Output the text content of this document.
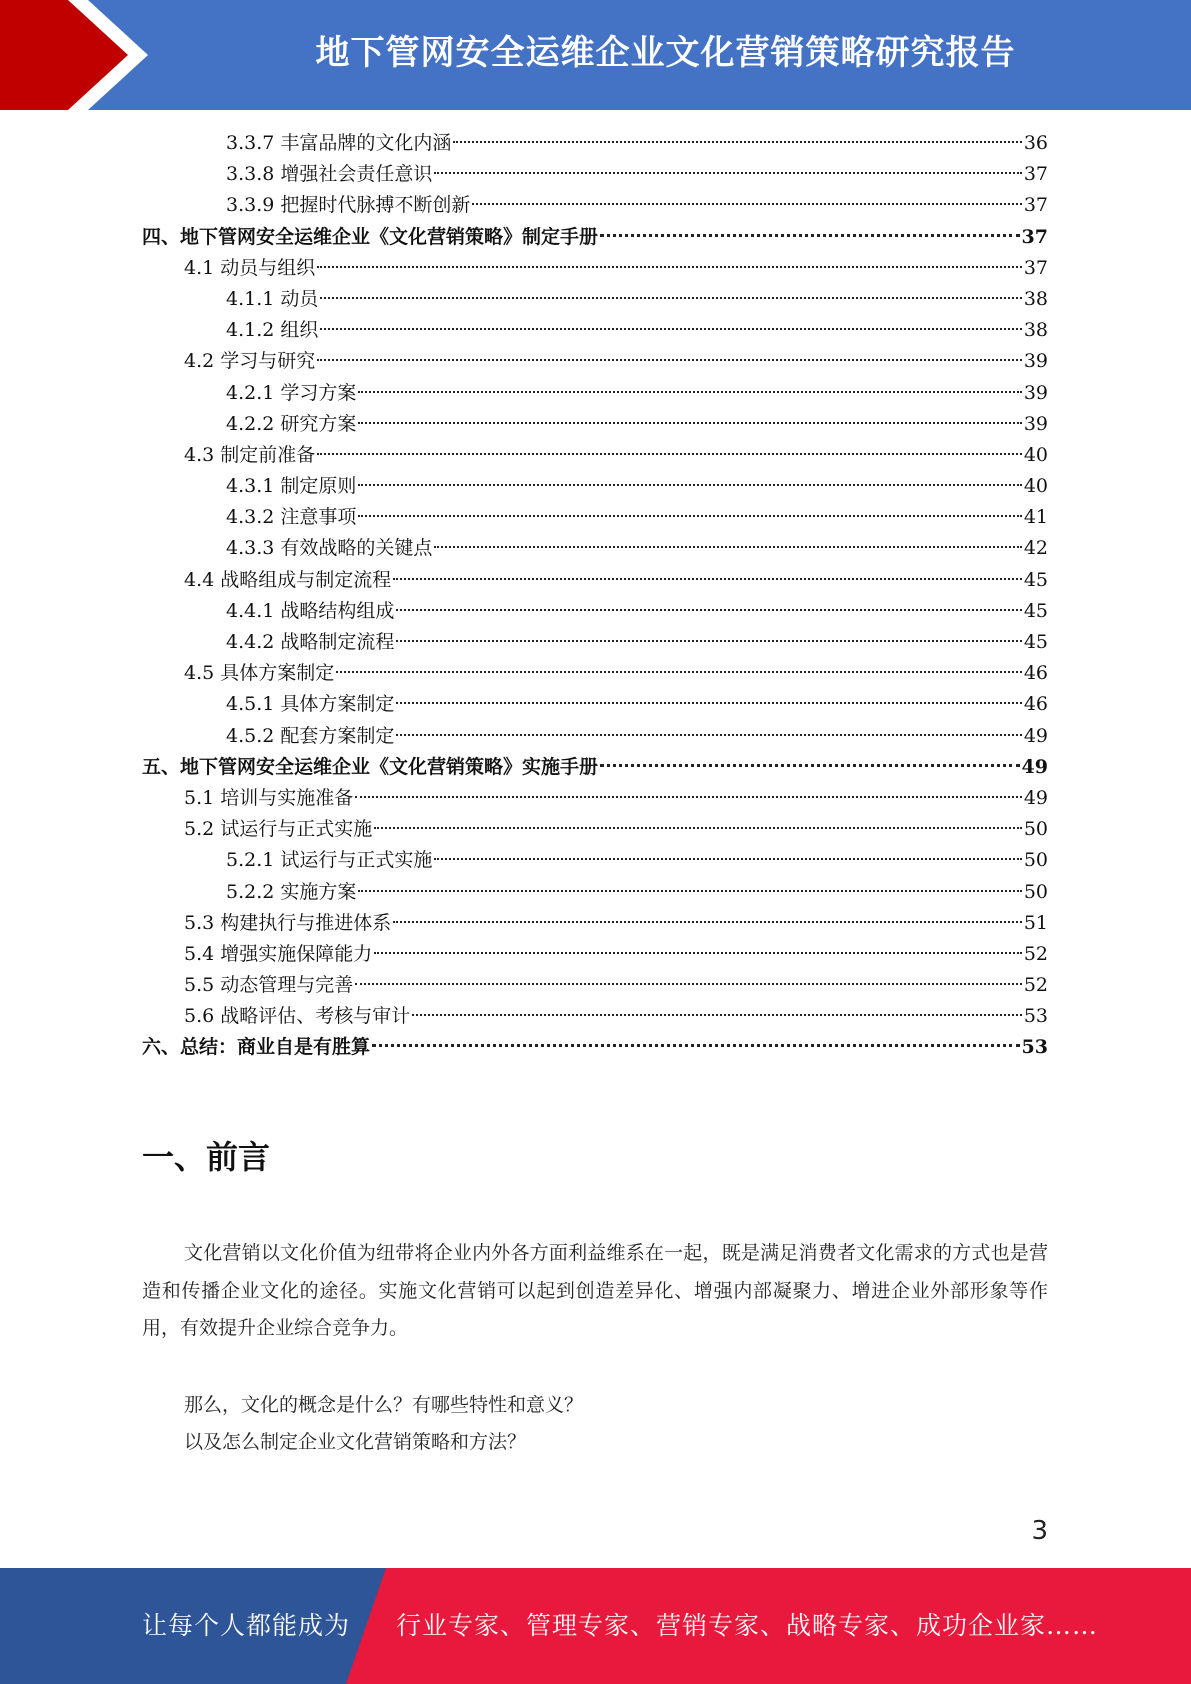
地下管网安全运维企业文化营销策略研究报告
3.3.7 丰富品牌的文化内涵	36
3.3.8 增强社会责任意识	37
3.3.9 把握时代脉搏不断创新	37
四、地下管网安全运维企业《文化营销策略》制定手册	37
4.1 动员与组织	37
4.1.1 动员	38
4.1.2 组织	38
4.2 学习与研究	39
4.2.1 学习方案	39
4.2.2 研究方案	39
4.3 制定前准备	40
4.3.1 制定原则	40
4.3.2 注意事项	41
4.3.3 有效战略的关键点	42
4.4 战略组成与制定流程	45
4.4.1 战略结构组成	45
4.4.2 战略制定流程	45
4.5 具体方案制定	46
4.5.1 具体方案制定	46
4.5.2 配套方案制定	49
五、地下管网安全运维企业《文化营销策略》实施手册	49
5.1 培训与实施准备	49
5.2 试运行与正式实施	50
5.2.1 试运行与正式实施	50
5.2.2 实施方案	50
5.3 构建执行与推进体系	51
5.4 增强实施保障能力	52
5.5 动态管理与完善	52
5.6 战略评估、考核与审计	53
六、总结：商业自是有胜算	53
一、前言

文化营销以文化价值为纽带将企业内外各方面利益维系在一起，既是满足消费者文化需求的方式也是营造和传播企业文化的途径。实施文化营销可以起到创造差异化、增强内部凝聚力、增进企业外部形象等作用，有效提升企业综合竞争力。

那么，文化的概念是什么？有哪些特性和意义？

以及怎么制定企业文化营销策略和方法？

3
让每个人都能成为 行业专家、管理专家、营销专家、战略专家、成功企业家……
